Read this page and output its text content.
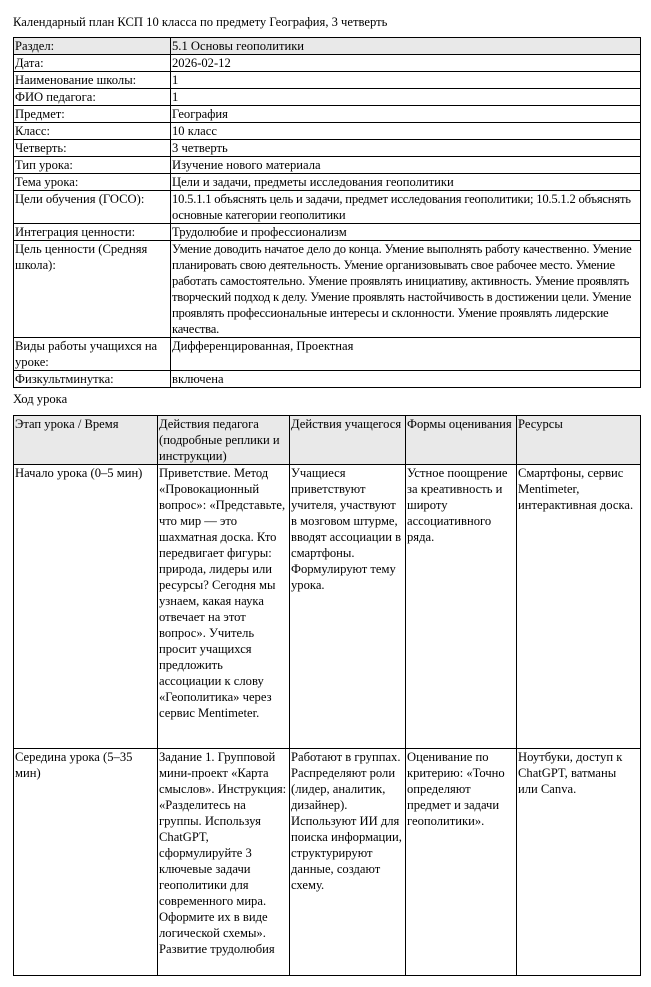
Календарный план КСП 10 класса по предмету География, 3 четверть
Раздел:	5.1 Основы геополитики
Дата:	2026-02-12
Наименование школы:	1
ФИО педагога:	1
Предмет:	География
Класс:	10 класс
Четверть:	3 четверть
Тип урока:	Изучение нового материала
Тема урока:	Цели и задачи, предметы исследования геополитики
Цели обучения (ГОСО):	10.5.1.1 объяснять цель и задачи, предмет исследования геополитики; 10.5.1.2 объяснять основные категории геополитики
Интеграция ценности:	Трудолюбие и профессионализм
Цель ценности (Средняя школа):	Умение доводить начатое дело до конца. Умение выполнять работу качественно. Умение планировать свою деятельность. Умение организовывать свое рабочее место. Умение работать самостоятельно. Умение проявлять инициативу, активность. Умение проявлять творческий подход к делу. Умение проявлять настойчивость в достижении цели. Умение проявлять профессиональные интересы и склонности. Умение проявлять лидерские качества.
Виды работы учащихся на уроке:	Дифференцированная, Проектная
Физкультминутка:	включена
Ход урока
Этап урока / Время	Действия педагога (подробные реплики и инструкции)	Действия учащегося	Формы оценивания	Ресурсы
Начало урока (0–5 мин)	Приветствие. Метод «Провокационный вопрос»: «Представьте, что мир — это шахматная доска. Кто передвигает фигуры: природа, лидеры или ресурсы? Сегодня мы узнаем, какая наука отвечает на этот вопрос». Учитель просит учащихся предложить ассоциации к слову «Геополитика» через сервис Mentimeter.	Учащиеся приветствуют учителя, участвуют в мозговом штурме, вводят ассоциации в смартфоны. Формулируют тему урока.	Устное поощрение за креативность и широту ассоциативного ряда.	Смартфоны, сервис Mentimeter, интерактивная доска.
Середина урока (5–35 мин)	Задание 1. Групповой мини-проект «Карта смыслов». Инструкция: «Разделитесь на группы. Используя ChatGPT, сформулируйте 3 ключевые задачи геополитики для современного мира. Оформите их в виде логической схемы». Развитие трудолюбия	Работают в группах. Распределяют роли (лидер, аналитик, дизайнер). Используют ИИ для поиска информации, структурируют данные, создают схему.	Оценивание по критерию: «Точно определяют предмет и задачи геополитики».	Ноутбуки, доступ к ChatGPT, ватманы или Canva.
